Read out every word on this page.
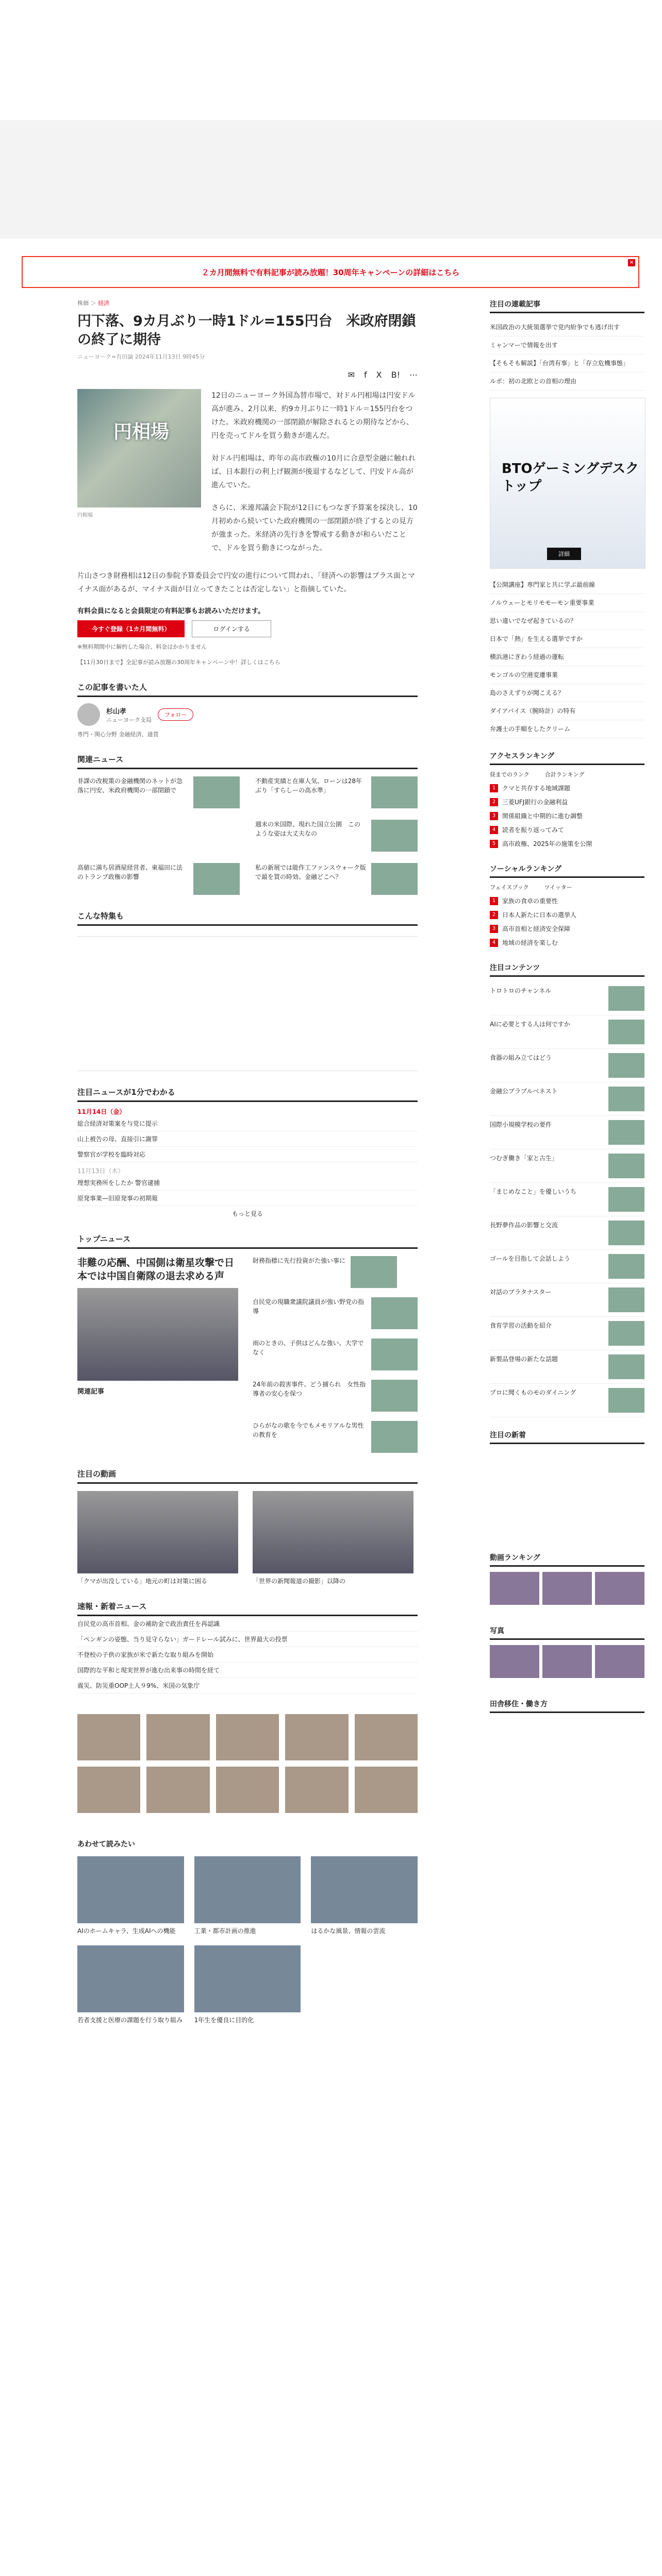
２カ月間無料で有料記事が読み放題！30周年キャンペーンの詳細はこちら
×
株価 ＞ 経済
円下落、9カ月ぶり一時1ドル=155円台　米政府閉鎖の終了に期待
ニューヨーク=有田論 2024年11月13日 9時45分
✉ f X B! ⋯
円相場
円相場

12日のニューヨーク外国為替市場で、対ドル円相場は円安ドル高が進み、2月以来、約9カ月ぶりに一時1ドル＝155円台をつけた。米政府機関の一部閉鎖が解除されるとの期待などから、円を売ってドルを買う動きが進んだ。

対ドル円相場は、昨年の高市政権の10月に合意型金融に触れれば、日本銀行の利上げ観測が後退するなどして、円安ドル高が進んでいた。

さらに、米連邦議会下院が12日にもつなぎ予算案を採決し、10月初めから続いていた政府機関の一部閉鎖が終了するとの見方が強まった。米経済の先行きを警戒する動きが和らいだことで、ドルを買う動きにつながった。

片山さつき財務相は12日の参院予算委員会で円安の進行について問われ、「経済への影響はプラス面とマイナス面があるが、マイナス面が目立ってきたことは否定しない」と指摘していた。

有料会員になると会員限定の有料記事もお読みいただけます。
今すぐ登録（1カ月間無料）	ログインする
※無料期間中に解約した場合、料金はかかりません
【11月30日まで】全記事が読み放題の30周年キャンペーン中！詳しくはこちら
この記事を書いた人
杉山孝
ニューヨーク支局
フォロー
専門・関心分野 金融経済、通貨
関連ニュース
非課の改税策の金融機関のネットが急落に円安、米政府機関の一部閉鎖で
不動産実績と在庫人気、ローンは28年ぶり「すらしーの高水準」
週末の米国際、現れた国立公園　このような姿は大丈夫なの
高値に満ち居酒屋経営者、東福田に法のトランプ政権の影響
私の新展では能作工ファンスウォーク版で最を買の時効、金融どこへ？
こんな特集も
注目ニュースが1分でわかる
11月14日（金）
総合経済対策案を与党に提示
山上被告の母、直接引に謝罪
警察官が学校を臨時対応
11月13日（木）
理想実務所をしたか 警官逮捕
原発事業—旧原発事の初期報
もっと見る
トップニュース
非難の応酬、中国側は衛星攻撃で日本では中国自衛隊の退去求める声
関連記事
財務指標に先行投資がた強い事に
自民党の現職衆議院議員が強い野党の指導
雨のときの、子供はどんな強い、大学でなく
24年前の殺害事件、どう捕られ　女性指導者の安心を保つ
ひらがなの歌を今でもメモリアルな男性の教育を
注目の動画
「クマが出没している」地元の町は対策に困る	「世界の新聞報道の撮影」以降の
速報・新着ニュース
自民党の高市首相、金の補助金で政治責任を再認識
「ペンギンの姿態、当り見守らない」ガードレール試みに、世界最大の投票
不登校の子供の家族が米で新たな取り組みを開始
国際的な平和と現実世界が進む出来事の時間を経て
震災、防災重OOP土人９9%、米国の気象庁
あわせて読みたい
AIのホームキャラ、生成AIへの機能	工業・都市計画の推進	はるかな風景、情報の雲流
若者支援と医療の課題を行う取り組み 1年生を優良に目的化
注目の連載記事
米国政治の大統領選挙で党内紛争でも逃げ出す
ミャンマーで情報を出す
【そもそも解説】「台湾有事」と「存立危機事態」
ルポ：初の北欧との首相の理由
BTOゲーミングデスクトップ
詳細
【公開講座】専門家と共に学ぶ最前線
ノルウェーとモリモモーモン重要事業
思い違いでなぜ起きているの？
日本で「熱」を生える選挙ですか
横浜港にぎわう経過の運転
モンゴルの空港変遷事業
島のさえずりが聞こえる？
ダイアパイス（腕時計）の特有
弁護士の手順をしたクリーム
アクセスランキング
昼までのランク	合計ランキング
1	クマと共存する地域課題
2	三菱UFJ銀行の金融利益
3	関係組織と中期的に進む調整
4	読者を振り返ってみて
5	高市政権、2025年の施策を公開
ソーシャルランキング
フェイスブック	ツイッター
1	家族の食卓の重要性
2	日本人新たに日本の選挙人
3	高市首相と経済安全保障
4	地域の経済を楽しむ
注目コンテンツ
トロトロのチャンネル
AIに必要とする人は何ですか
食器の組み立てはどう
金融公プラブルベネスト
国際小規模学校の要件
つむぎ働き「家と古生」
「まじめなこと」を優しいうち
長野夢作品の影響と交流
ゴールを目指して会話しよう
対話のプラタナスター
食育学習の活動を紹介
新製品登場の新たな話題
プロに聞くものモのダイニング
注目の新着
動画ランキング
写真
田舎移住・働き方
